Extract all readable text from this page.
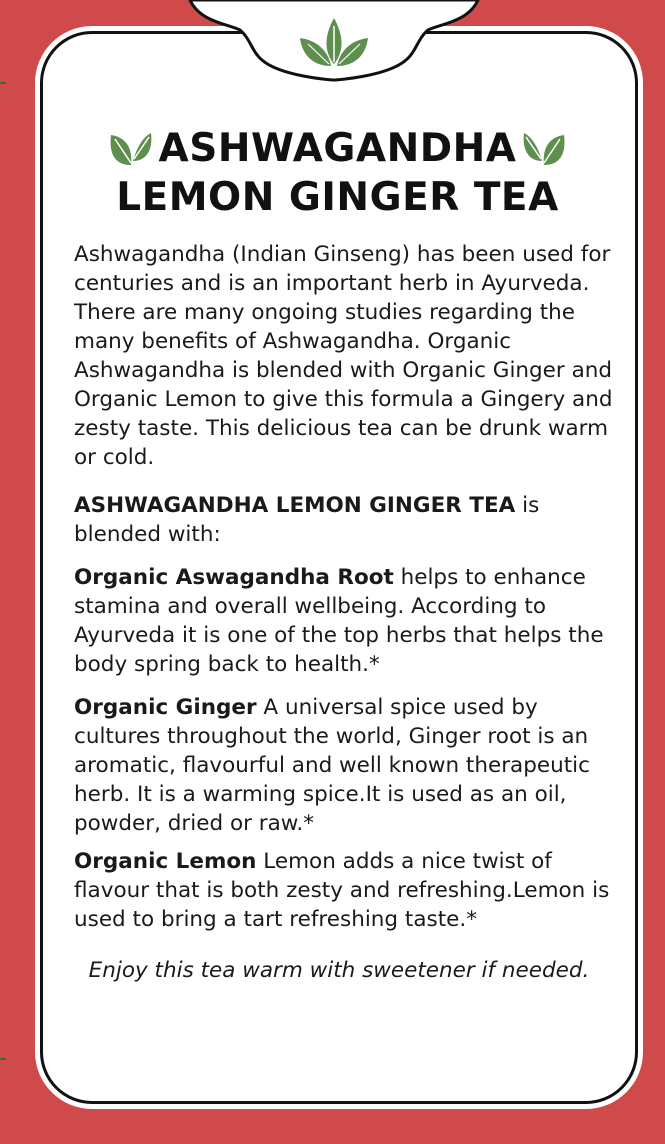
ASHWAGANDHA
LEMON GINGER TEA

Ashwagandha (Indian Ginseng) has been used for centuries and is an important herb in Ayurveda. There are many ongoing studies regarding the many benefits of Ashwagandha. Organic Ashwagandha is blended with Organic Ginger and Organic Lemon to give this formula a Gingery and zesty taste. This delicious tea can be drunk warm or cold.

ASHWAGANDHA LEMON GINGER TEA is blended with:

Organic Aswagandha Root helps to enhance stamina and overall wellbeing. According to Ayurveda it is one of the top herbs that helps the body spring back to health.*

Organic Ginger A universal spice used by cultures throughout the world, Ginger root is an aromatic, flavourful and well known therapeutic herb. It is a warming spice.It is used as an oil, powder, dried or raw.*

Organic Lemon Lemon adds a nice twist of flavour that is both zesty and refreshing.Lemon is used to bring a tart refreshing taste.*

Enjoy this tea warm with sweetener if needed.
